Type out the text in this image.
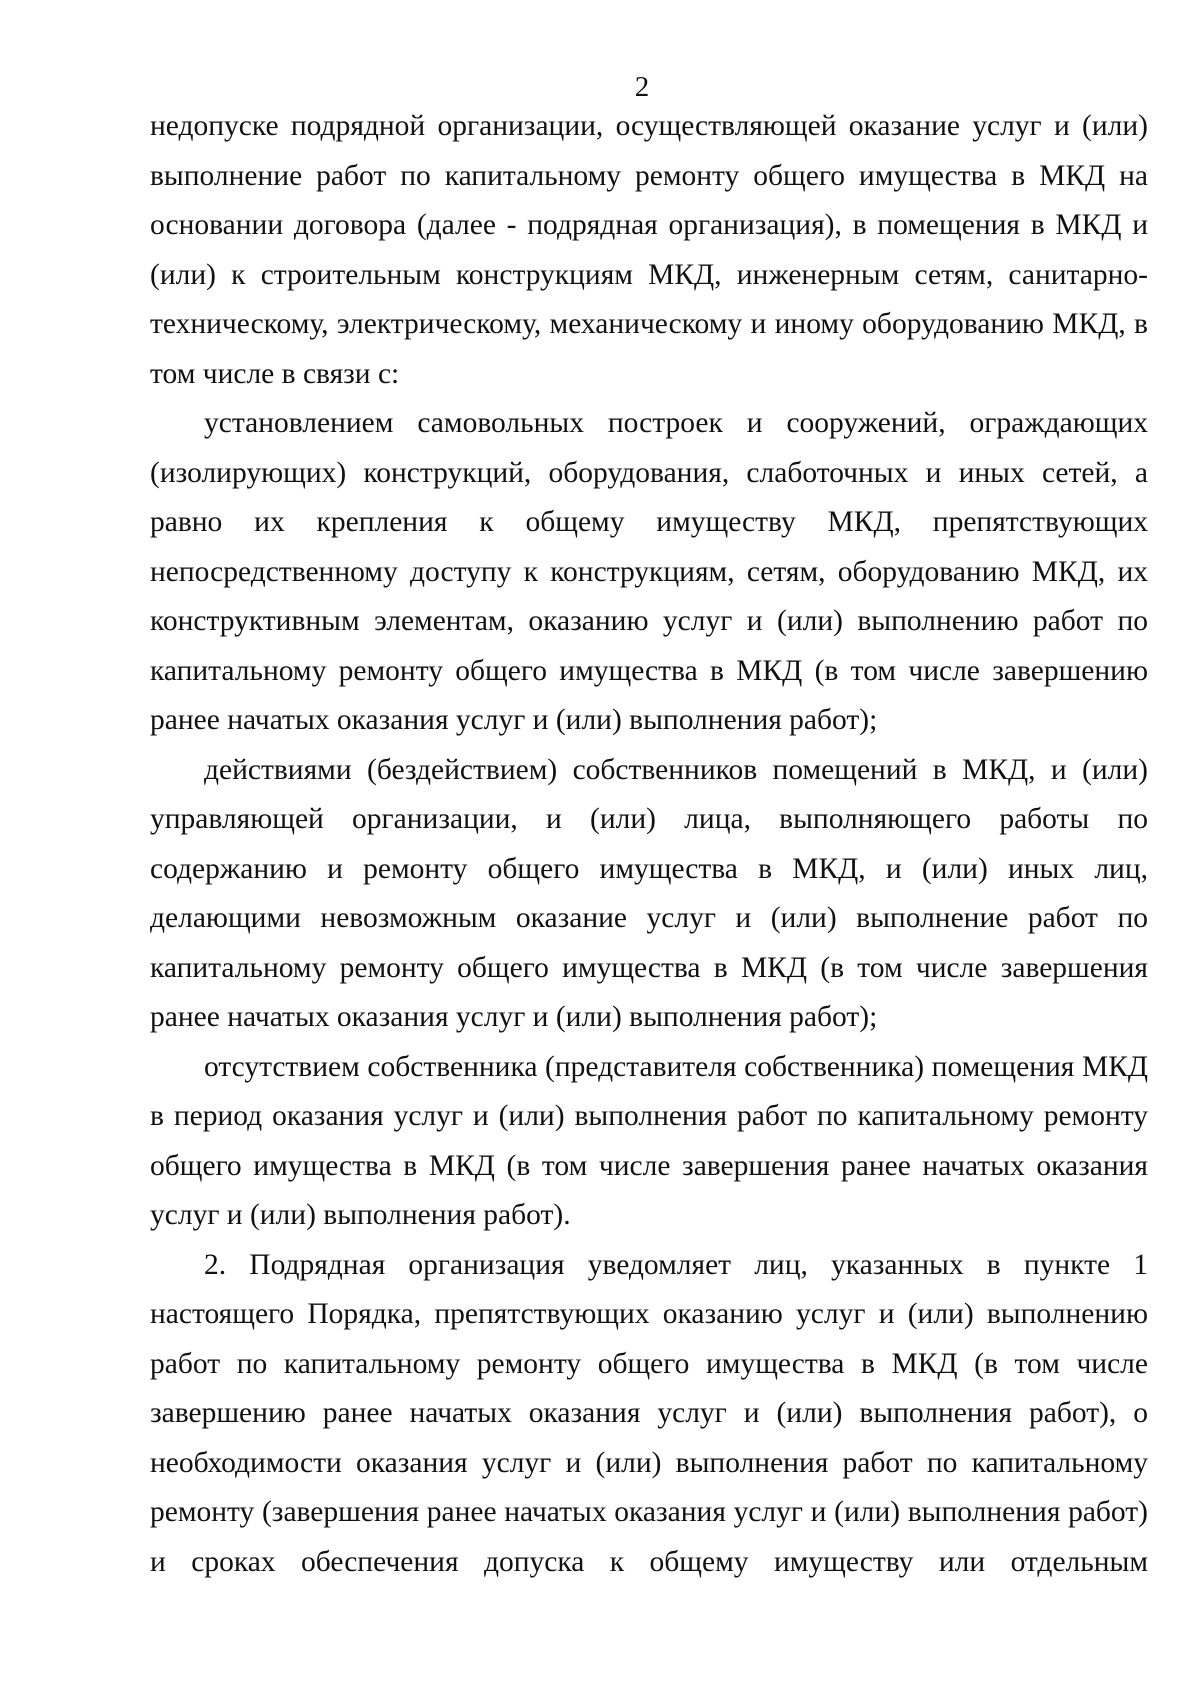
2

недопуске подрядной организации, осуществляющей оказание услуг и (или) выполнение работ по капитальному ремонту общего имущества в МКД на основании договора (далее - подрядная организация), в помещения в МКД и (или) к строительным конструкциям МКД, инженерным сетям, санитарно-техническому, электрическому, механическому и иному оборудованию МКД, в том числе в связи с:

установлением самовольных построек и сооружений, ограждающих (изолирующих) конструкций, оборудования, слаботочных и иных сетей, а равно их крепления к общему имуществу МКД, препятствующих непосредственному доступу к конструкциям, сетям, оборудованию МКД, их конструктивным элементам, оказанию услуг и (или) выполнению работ по капитальному ремонту общего имущества в МКД (в том числе завершению ранее начатых оказания услуг и (или) выполнения работ);

действиями (бездействием) собственников помещений в МКД, и (или) управляющей организации, и (или) лица, выполняющего работы по содержанию и ремонту общего имущества в МКД, и (или) иных лиц, делающими невозможным оказание услуг и (или) выполнение работ по капитальному ремонту общего имущества в МКД (в том числе завершения ранее начатых оказания услуг и (или) выполнения работ);

отсутствием собственника (представителя собственника) помещения МКД в период оказания услуг и (или) выполнения работ по капитальному ремонту общего имущества в МКД (в том числе завершения ранее начатых оказания услуг и (или) выполнения работ).

2. Подрядная организация уведомляет лиц, указанных в пункте 1 настоящего Порядка, препятствующих оказанию услуг и (или) выполнению работ по капитальному ремонту общего имущества в МКД (в том числе завершению ранее начатых оказания услуг и (или) выполнения работ), о необходимости оказания услуг и (или) выполнения работ по капитальному ремонту (завершения ранее начатых оказания услуг и (или) выполнения работ) и сроках обеспечения допуска к общему имуществу или отдельным
